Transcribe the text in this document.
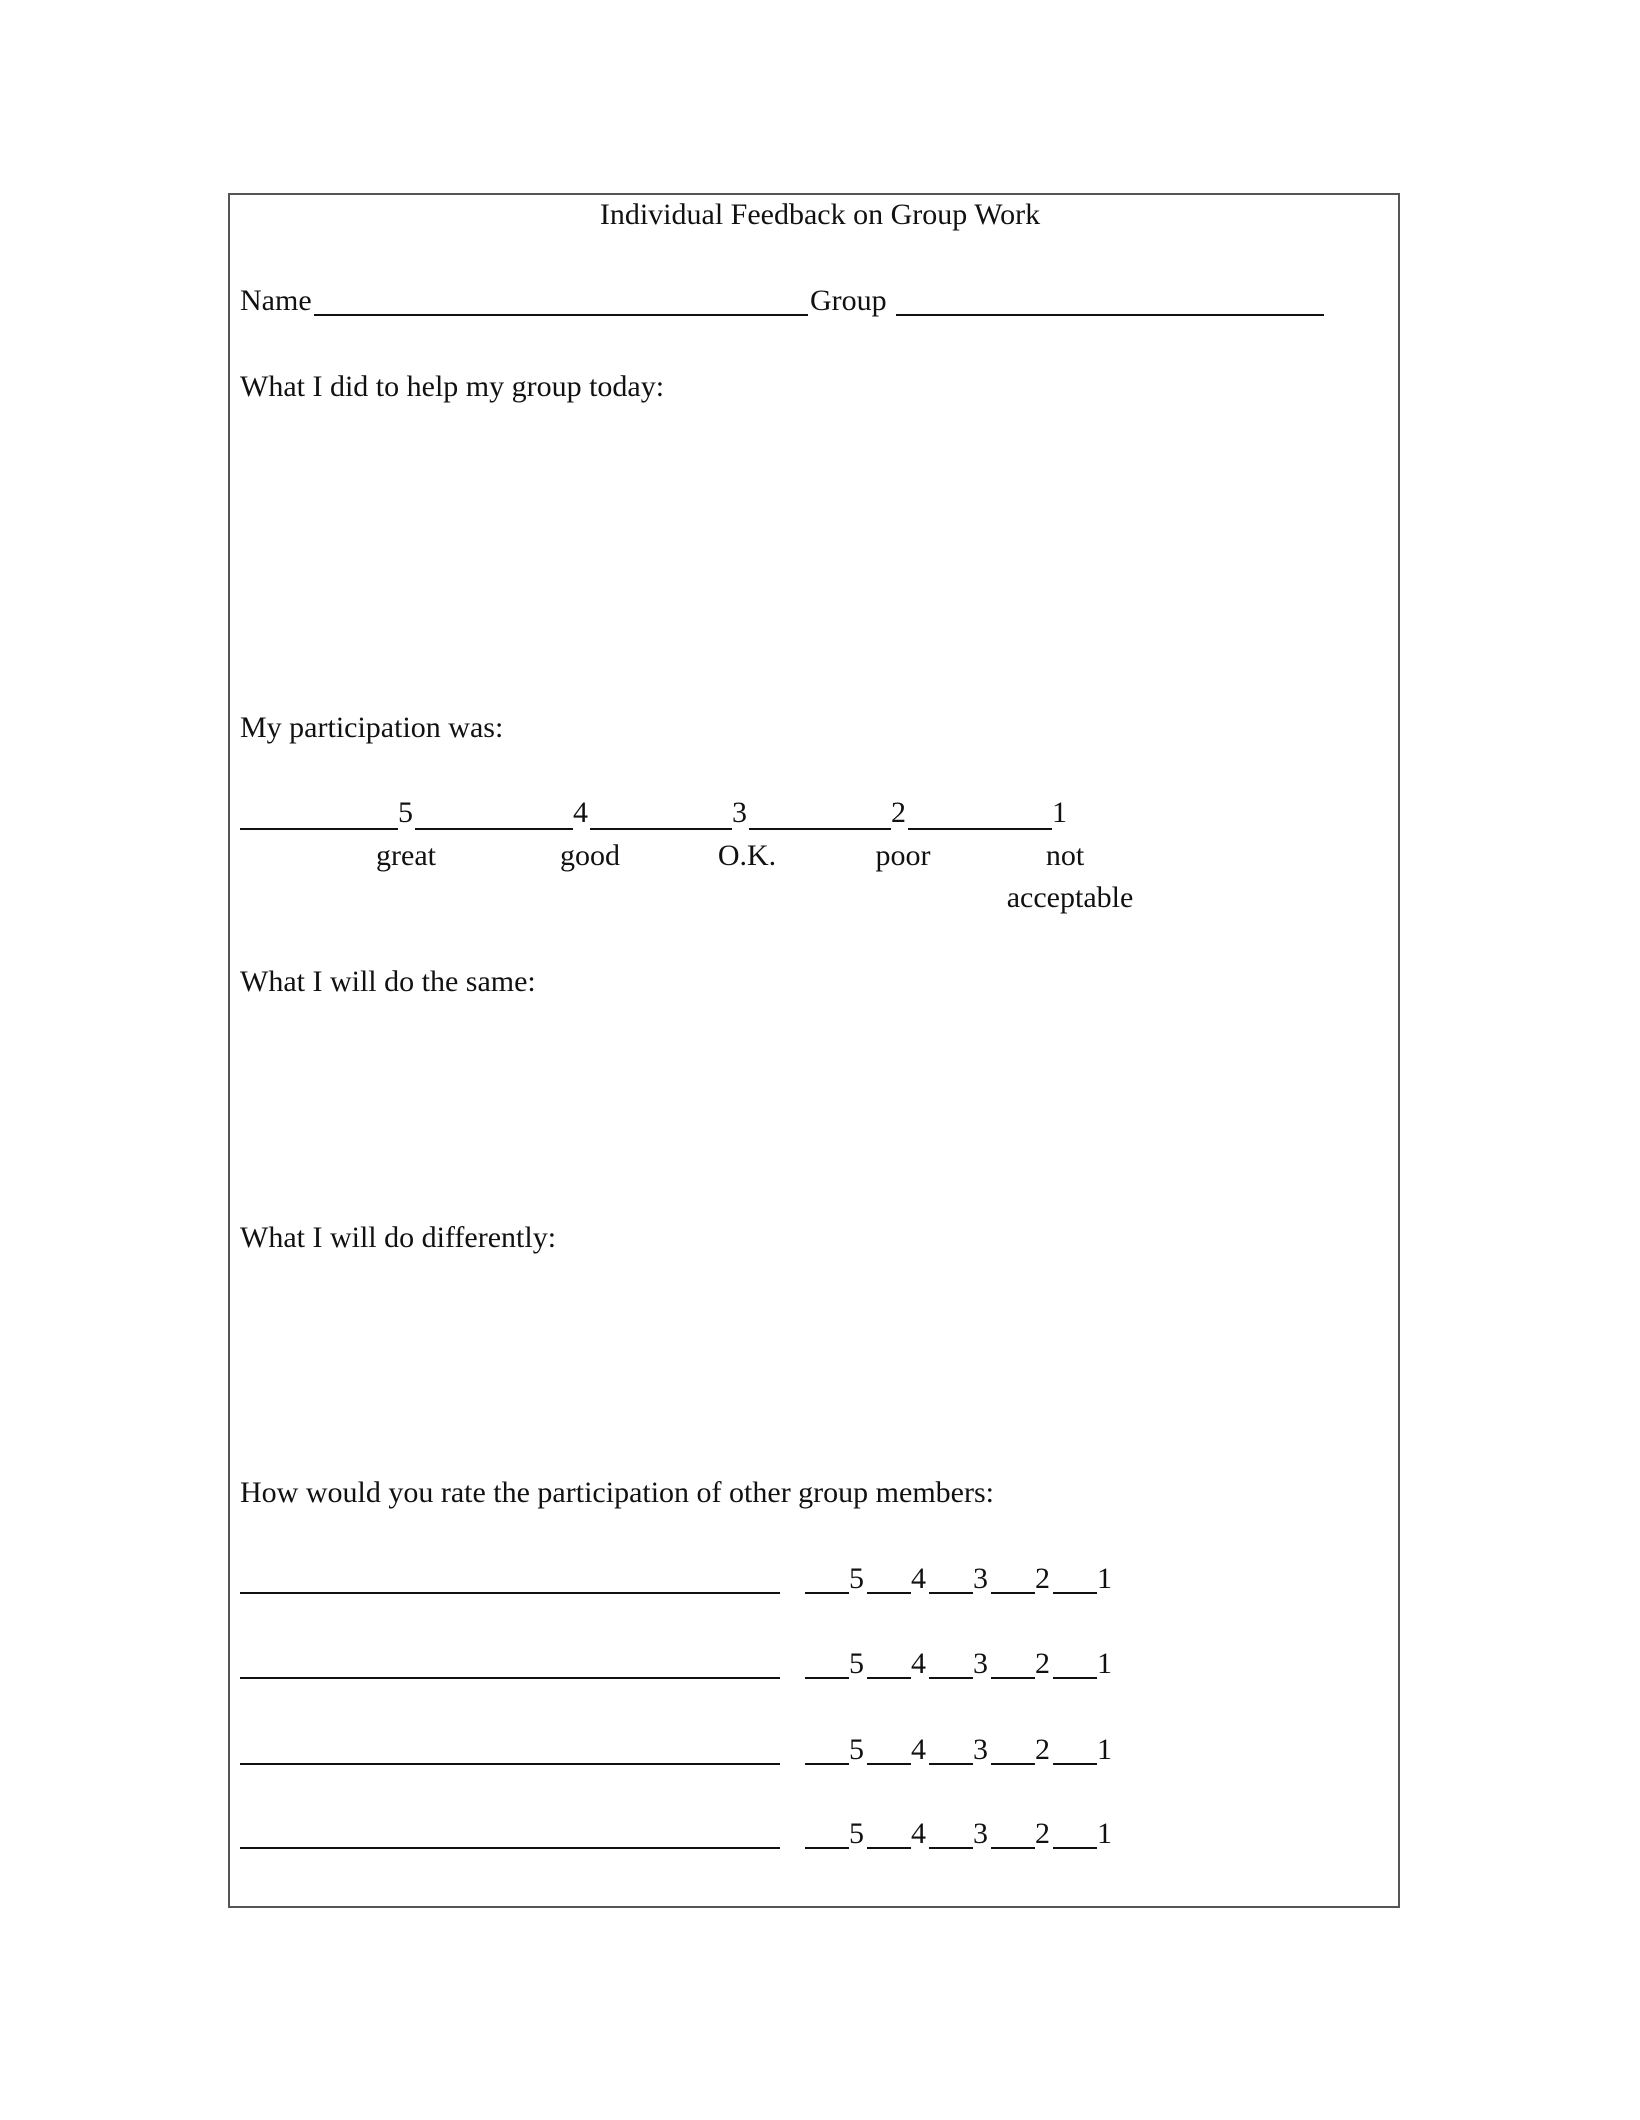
Individual Feedback on Group Work
Name	Group
What I did to help my group today:
My participation was:
5	4	3	2	1
great	good	O.K.	poor	not
acceptable
What I will do the same:
What I will do differently:
How would you rate the participation of other group members:
5 4 3 2 1
5 4 3 2 1
5 4 3 2 1
5 4 3 2 1
